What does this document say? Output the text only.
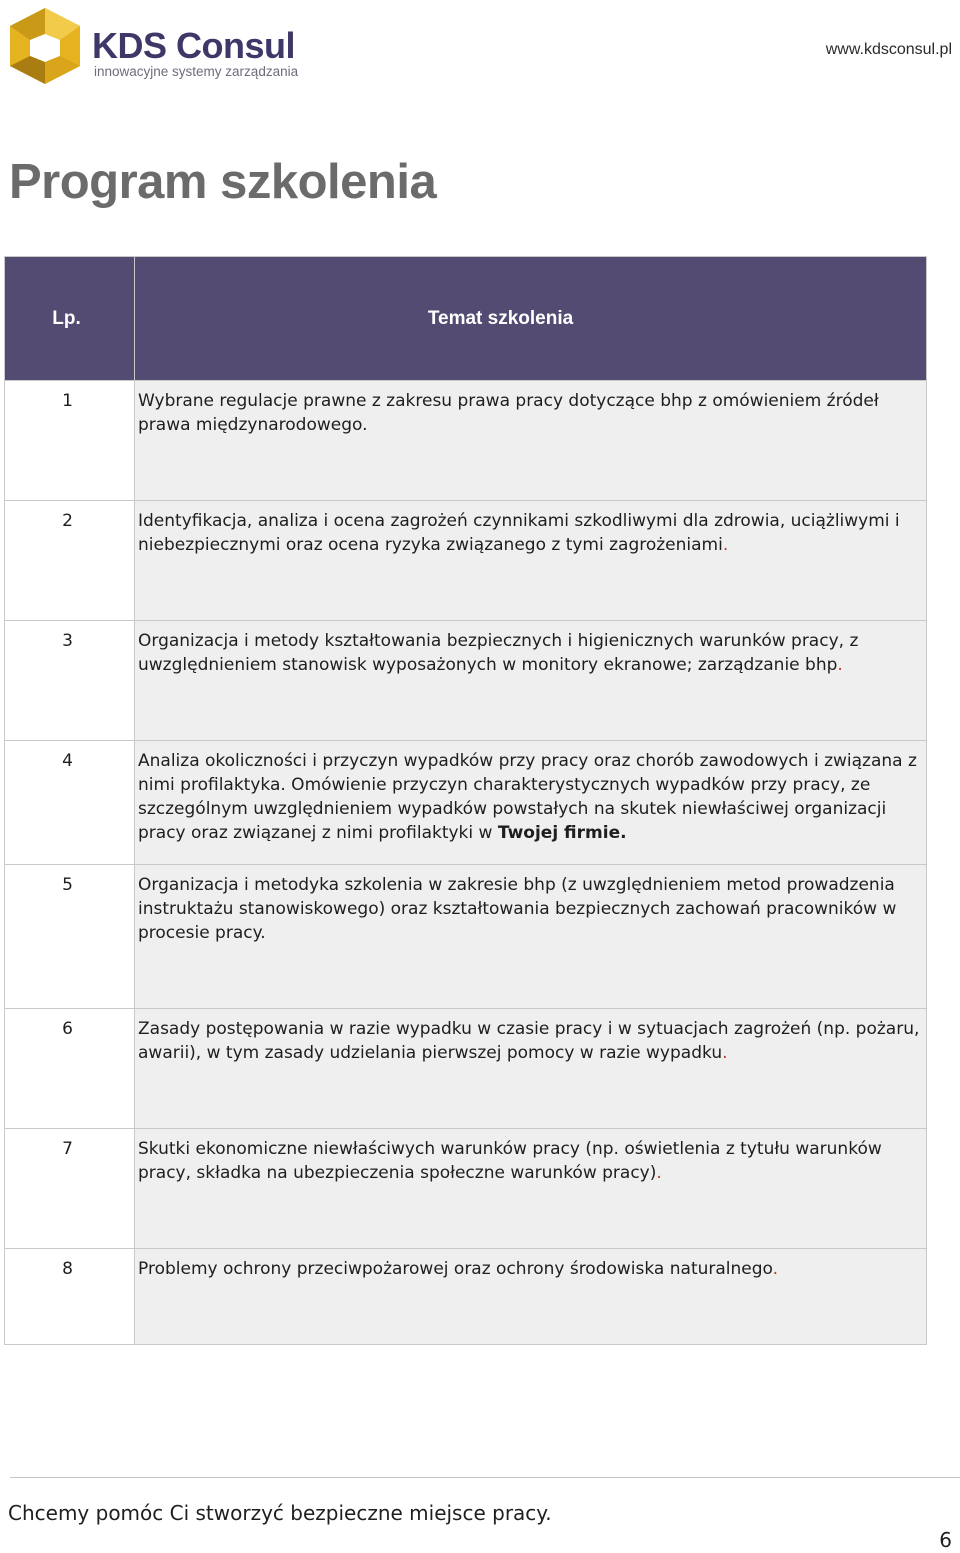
KDS Consul
innowacyjne systemy zarządzania
www.kdsconsul.pl
Program szkolenia
Lp.	Temat szkolenia
1	Wybrane regulacje prawne z zakresu prawa pracy dotyczące bhp z omówieniem źródeł prawa międzynarodowego.
2	Identyfikacja, analiza i ocena zagrożeń czynnikami szkodliwymi dla zdrowia, uciążliwymi i niebezpiecznymi oraz ocena ryzyka związanego z tymi zagrożeniami.
3	Organizacja i metody kształtowania bezpiecznych i higienicznych warunków pracy, z uwzględnieniem stanowisk wyposażonych w monitory ekranowe; zarządzanie bhp.
4	Analiza okoliczności i przyczyn wypadków przy pracy oraz chorób zawodowych i związana z nimi profilaktyka. Omówienie przyczyn charakterystycznych wypadków przy pracy, ze szczególnym uwzględnieniem wypadków powstałych na skutek niewłaściwej organizacji pracy oraz związanej z nimi profilaktyki w Twojej firmie.
5	Organizacja i metodyka szkolenia w zakresie bhp (z uwzględnieniem metod prowadzenia instruktażu stanowiskowego) oraz kształtowania bezpiecznych zachowań pracowników w procesie pracy.
6	Zasady postępowania w razie wypadku w czasie pracy i w sytuacjach zagrożeń (np. pożaru, awarii), w tym zasady udzielania pierwszej pomocy w razie wypadku.
7	Skutki ekonomiczne niewłaściwych warunków pracy (np. oświetlenia z tytułu warunków pracy, składka na ubezpieczenia społeczne warunków pracy).
8	Problemy ochrony przeciwpożarowej oraz ochrony środowiska naturalnego.
Chcemy pomóc Ci stworzyć bezpieczne miejsce pracy.
6
